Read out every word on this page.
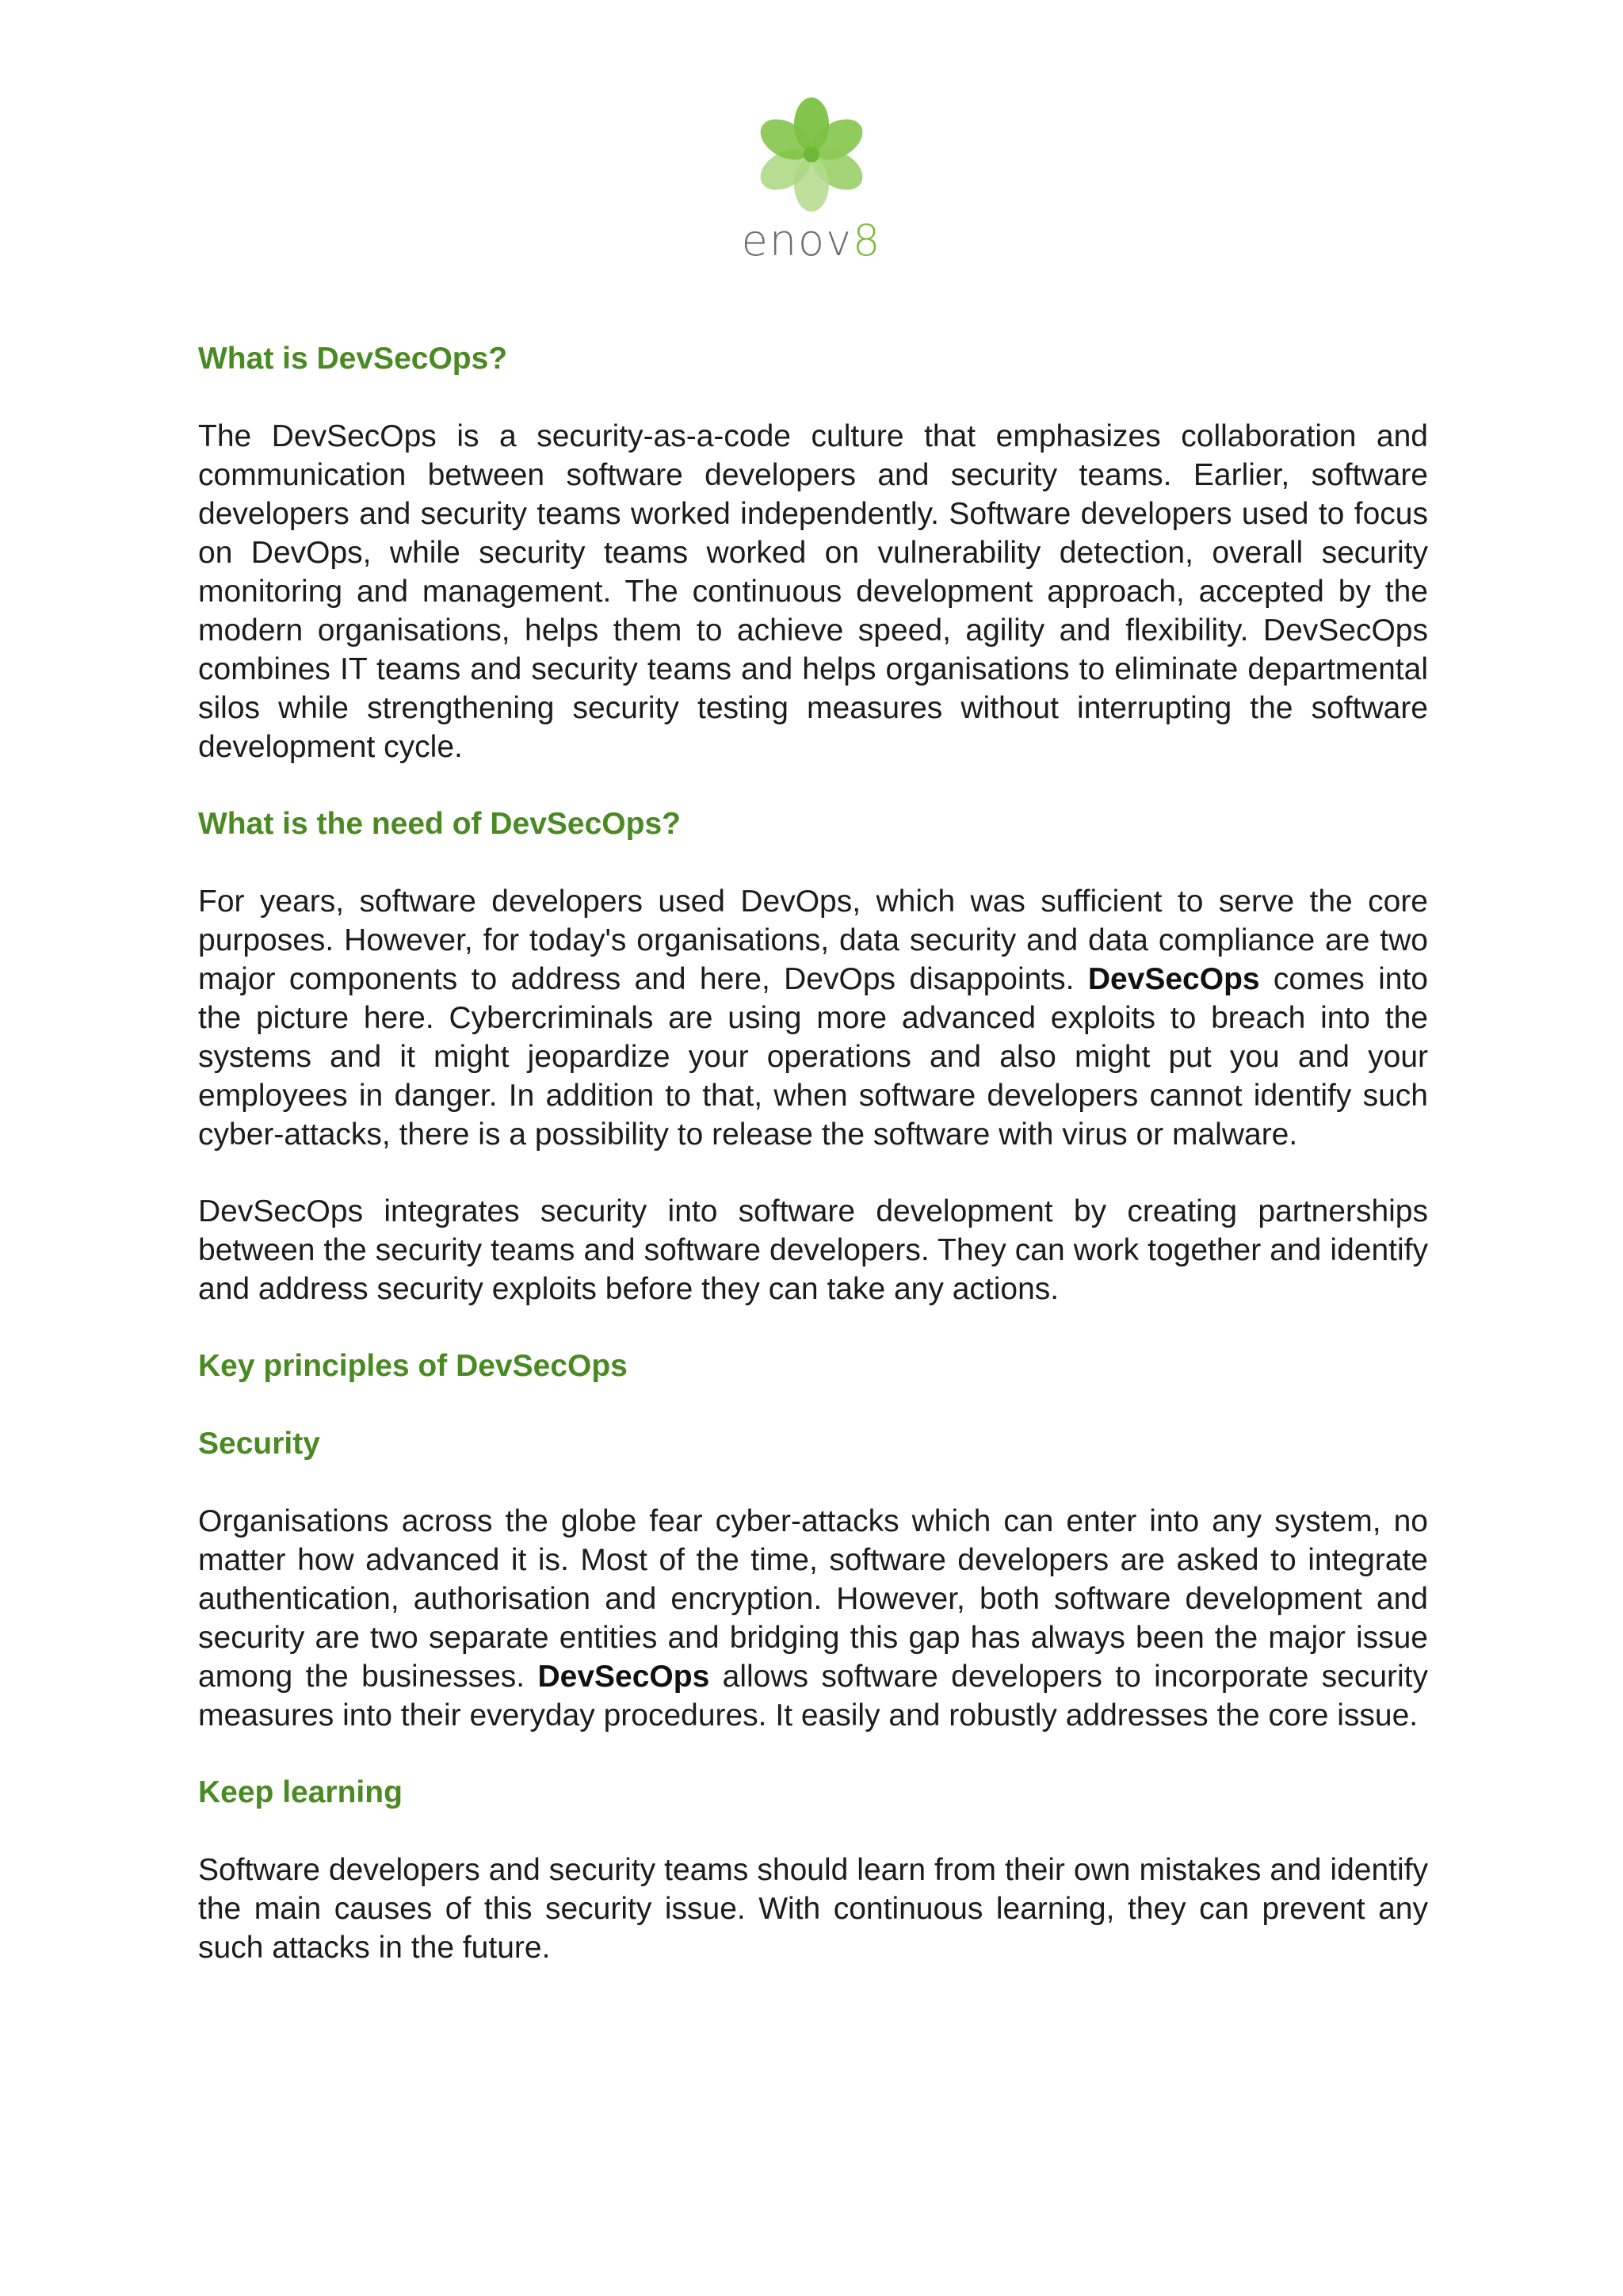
enov8
What is DevSecOps?

The DevSecOps is a security-as-a-code culture that emphasizes collaboration and communication between software developers and security teams. Earlier, software developers and security teams worked independently. Software developers used to focus on DevOps, while security teams worked on vulnerability detection, overall security monitoring and management. The continuous development approach, accepted by the modern organisations, helps them to achieve speed, agility and flexibility. DevSecOps combines IT teams and security teams and helps organisations to eliminate departmental silos while strengthening security testing measures without interrupting the software development cycle.

What is the need of DevSecOps?

For years, software developers used DevOps, which was sufficient to serve the core purposes. However, for today's organisations, data security and data compliance are two major components to address and here, DevOps disappoints. DevSecOps comes into the picture here. Cybercriminals are using more advanced exploits to breach into the systems and it might jeopardize your operations and also might put you and your employees in danger. In addition to that, when software developers cannot identify such cyber-attacks, there is a possibility to release the software with virus or malware.

DevSecOps integrates security into software development by creating partnerships between the security teams and software developers. They can work together and identify and address security exploits before they can take any actions.

Key principles of DevSecOps
Security

Organisations across the globe fear cyber-attacks which can enter into any system, no matter how advanced it is. Most of the time, software developers are asked to integrate authentication, authorisation and encryption. However, both software development and security are two separate entities and bridging this gap has always been the major issue among the businesses. DevSecOps allows software developers to incorporate security measures into their everyday procedures. It easily and robustly addresses the core issue.

Keep learning

Software developers and security teams should learn from their own mistakes and identify the main causes of this security issue. With continuous learning, they can prevent any such attacks in the future.
